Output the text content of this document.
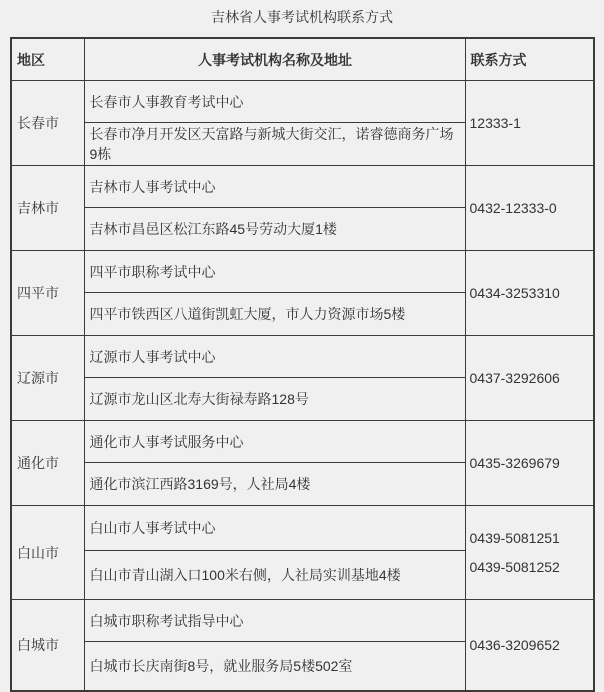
吉林省人事考试机构联系方式
地区	人事考试机构名称及地址	联系方式
长春市	长春市人事教育考试中心	12333-1

	长春市净月开发区天富路与新城大街交汇，诺睿德商务广场9栋	
吉林市	吉林市人事考试中心	0432-12333-0

	吉林市昌邑区松江东路45号劳动大厦1楼	
四平市	四平市职称考试中心	0434-3253310

	四平市铁西区八道街凯虹大厦，市人力资源市场5楼	
辽源市	辽源市人事考试中心	0437-3292606

	辽源市龙山区北寿大街禄寿路128号	
通化市	通化市人事考试服务中心	0435-3269679

	通化市滨江西路3169号，人社局4楼	
白山市	白山市人事考试中心	0439-5081251
0439-5081252

	白山市青山湖入口100米右侧，人社局实训基地4楼	
白城市	白城市职称考试指导中心	0436-3209652

	白城市长庆南街8号，就业服务局5楼502室	
